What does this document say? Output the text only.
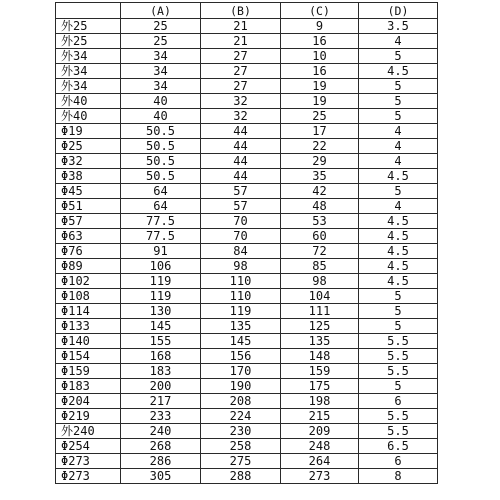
	(A)	(B)	(C)	(D)
外25	25	21	9	3.5
外25	25	21	16	4
外34	34	27	10	5
外34	34	27	16	4.5
外34	34	27	19	5
外40	40	32	19	5
外40	40	32	25	5
Φ19	50.5	44	17	4
Φ25	50.5	44	22	4
Φ32	50.5	44	29	4
Φ38	50.5	44	35	4.5
Φ45	64	57	42	5
Φ51	64	57	48	4
Φ57	77.5	70	53	4.5
Φ63	77.5	70	60	4.5
Φ76	91	84	72	4.5
Φ89	106	98	85	4.5
Φ102	119	110	98	4.5
Φ108	119	110	104	5
Φ114	130	119	111	5
Φ133	145	135	125	5
Φ140	155	145	135	5.5
Φ154	168	156	148	5.5
Φ159	183	170	159	5.5
Φ183	200	190	175	5
Φ204	217	208	198	6
Φ219	233	224	215	5.5
外240	240	230	209	5.5
Φ254	268	258	248	6.5
Φ273	286	275	264	6
Φ273	305	288	273	8
